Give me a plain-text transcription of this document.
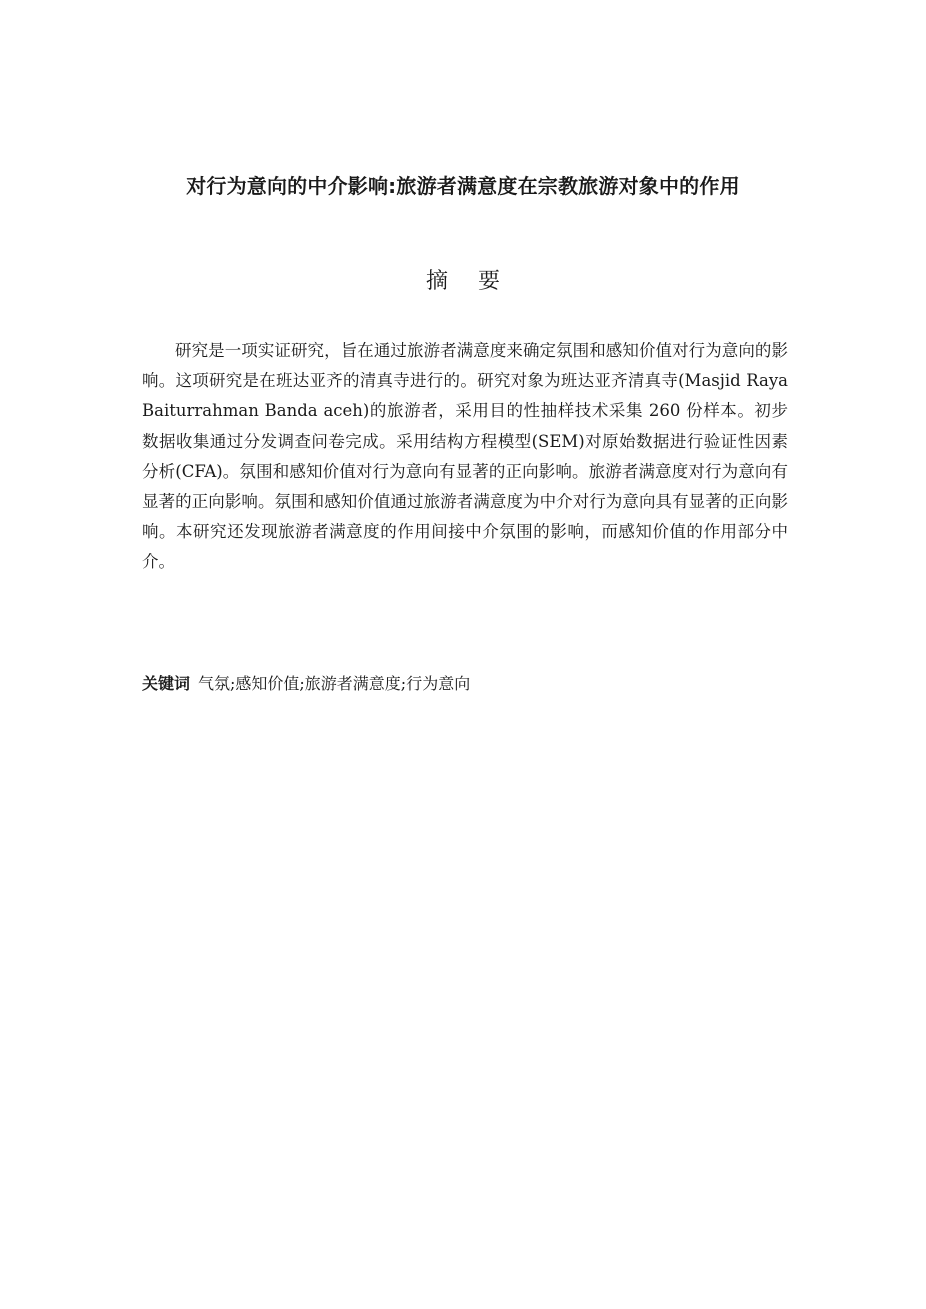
对行为意向的中介影响:旅游者满意度在宗教旅游对象中的作用
摘 要

研究是一项实证研究，旨在通过旅游者满意度来确定氛围和感知价值对行为意向的影响。这项研究是在班达亚齐的清真寺进行的。研究对象为班达亚齐清真寺(Masjid Raya Baiturrahman Banda aceh)的旅游者，采用目的性抽样技术采集 260 份样本。初步数据收集通过分发调查问卷完成。采用结构方程模型(SEM)对原始数据进行验证性因素分析(CFA)。氛围和感知价值对行为意向有显著的正向影响。旅游者满意度对行为意向有显著的正向影响。氛围和感知价值通过旅游者满意度为中介对行为意向具有显著的正向影响。本研究还发现旅游者满意度的作用间接中介氛围的影响，而感知价值的作用部分中介。

关键词 气氛;感知价值;旅游者满意度;行为意向
